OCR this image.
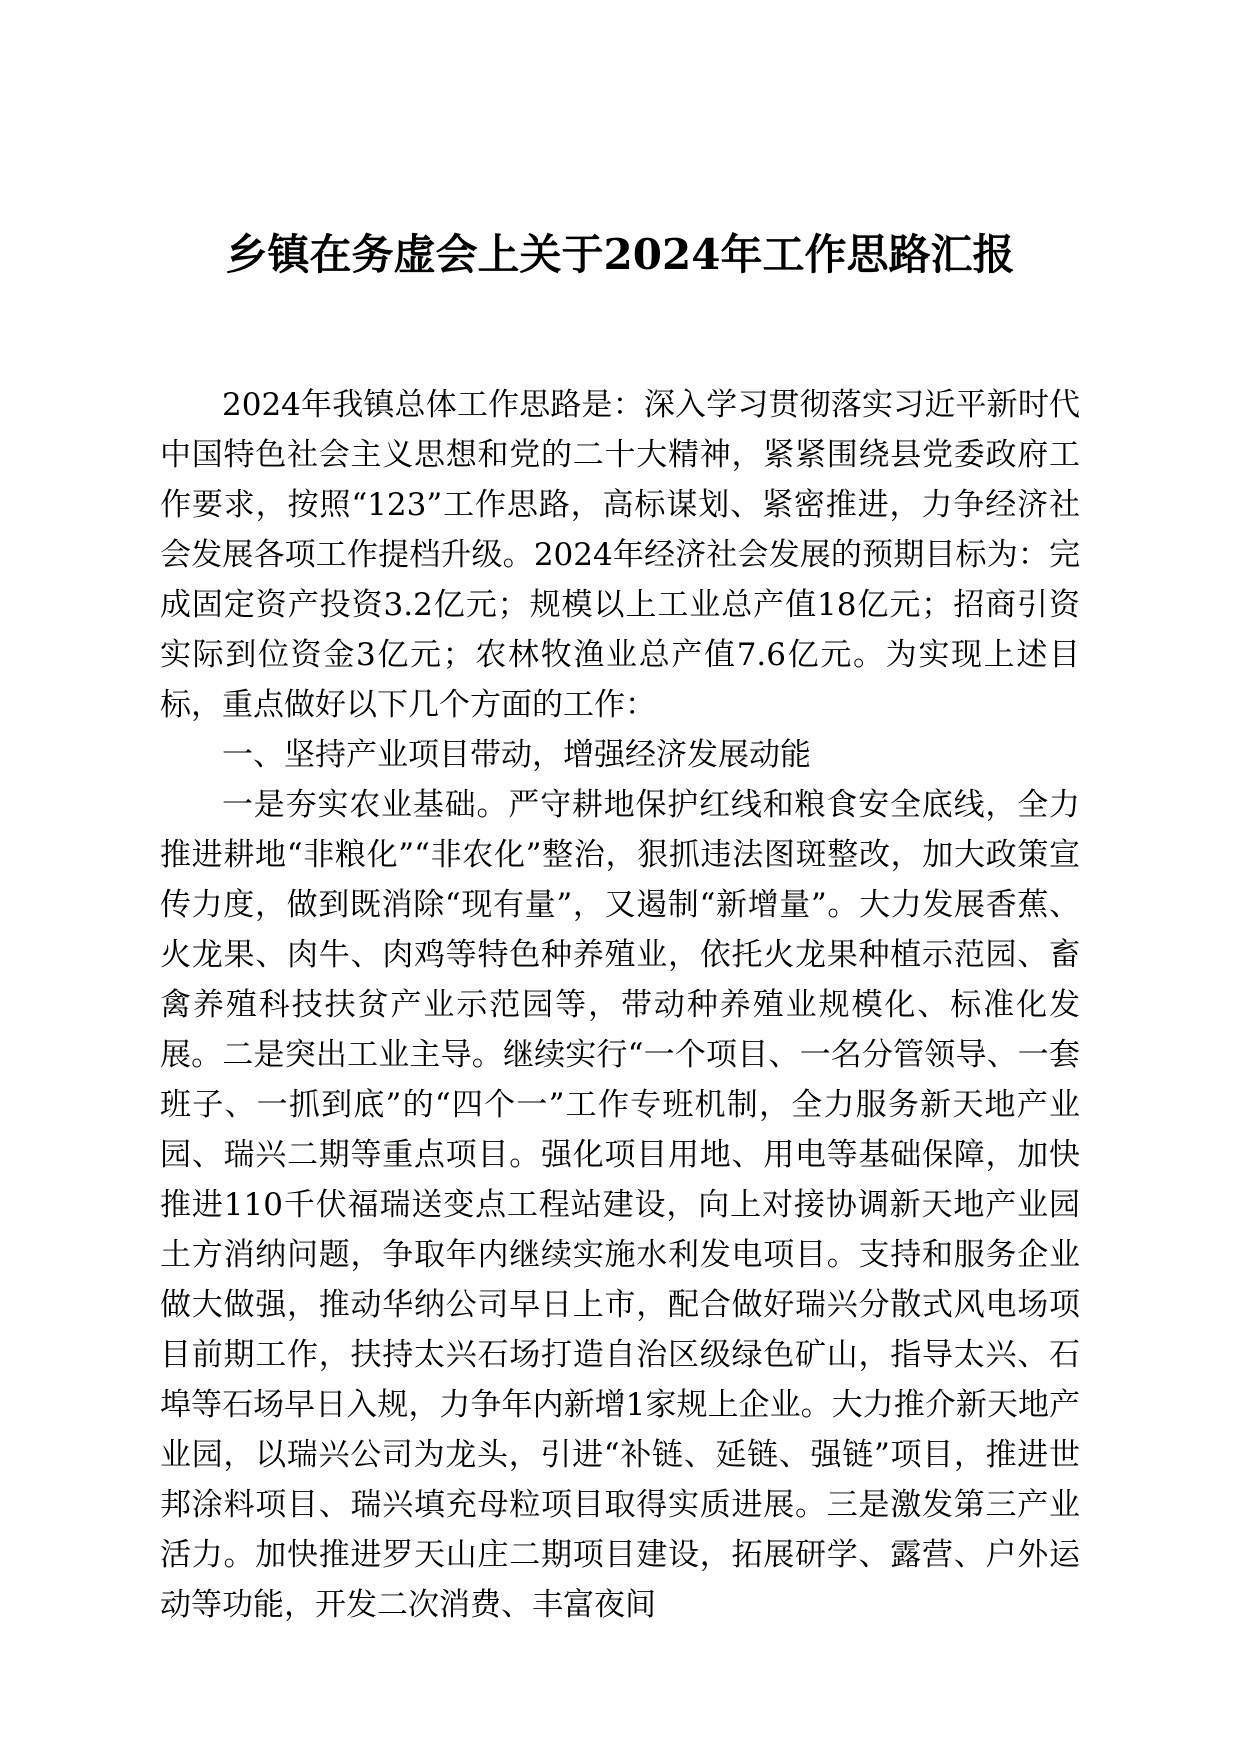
乡镇在务虚会上关于2024年工作思路汇报

2024年我镇总体工作思路是：深入学习贯彻落实习近平新时代中国特色社会主义思想和党的二十大精神，紧紧围绕县党委政府工作要求，按照“123”工作思路，高标谋划、紧密推进，力争经济社会发展各项工作提档升级。2024年经济社会发展的预期目标为：完成固定资产投资3.2亿元；规模以上工业总产值18亿元；招商引资实际到位资金3亿元；农林牧渔业总产值7.6亿元。为实现上述目标，重点做好以下几个方面的工作：

一、坚持产业项目带动，增强经济发展动能

一是夯实农业基础。严守耕地保护红线和粮食安全底线，全力推进耕地“非粮化”“非农化”整治，狠抓违法图斑整改，加大政策宣传力度，做到既消除“现有量”，又遏制“新增量”。大力发展香蕉、火龙果、肉牛、肉鸡等特色种养殖业，依托火龙果种植示范园、畜禽养殖科技扶贫产业示范园等，带动种养殖业规模化、标准化发展。二是突出工业主导。继续实行“一个项目、一名分管领导、一套班子、一抓到底”的“四个一”工作专班机制，全力服务新天地产业园、瑞兴二期等重点项目。强化项目用地、用电等基础保障，加快推进110千伏福瑞送变点工程站建设，向上对接协调新天地产业园土方消纳问题，争取年内继续实施水利发电项目。支持和服务企业做大做强，推动华纳公司早日上市，配合做好瑞兴分散式风电场项目前期工作，扶持太兴石场打造自治区级绿色矿山，指导太兴、石埠等石场早日入规，力争年内新增1家规上企业。大力推介新天地产业园，以瑞兴公司为龙头，引进“补链、延链、强链”项目，推进世邦涂料项目、瑞兴填充母粒项目取得实质进展。三是激发第三产业活力。加快推进罗天山庄二期项目建设，拓展研学、露营、户外运动等功能，开发二次消费、丰富夜间
